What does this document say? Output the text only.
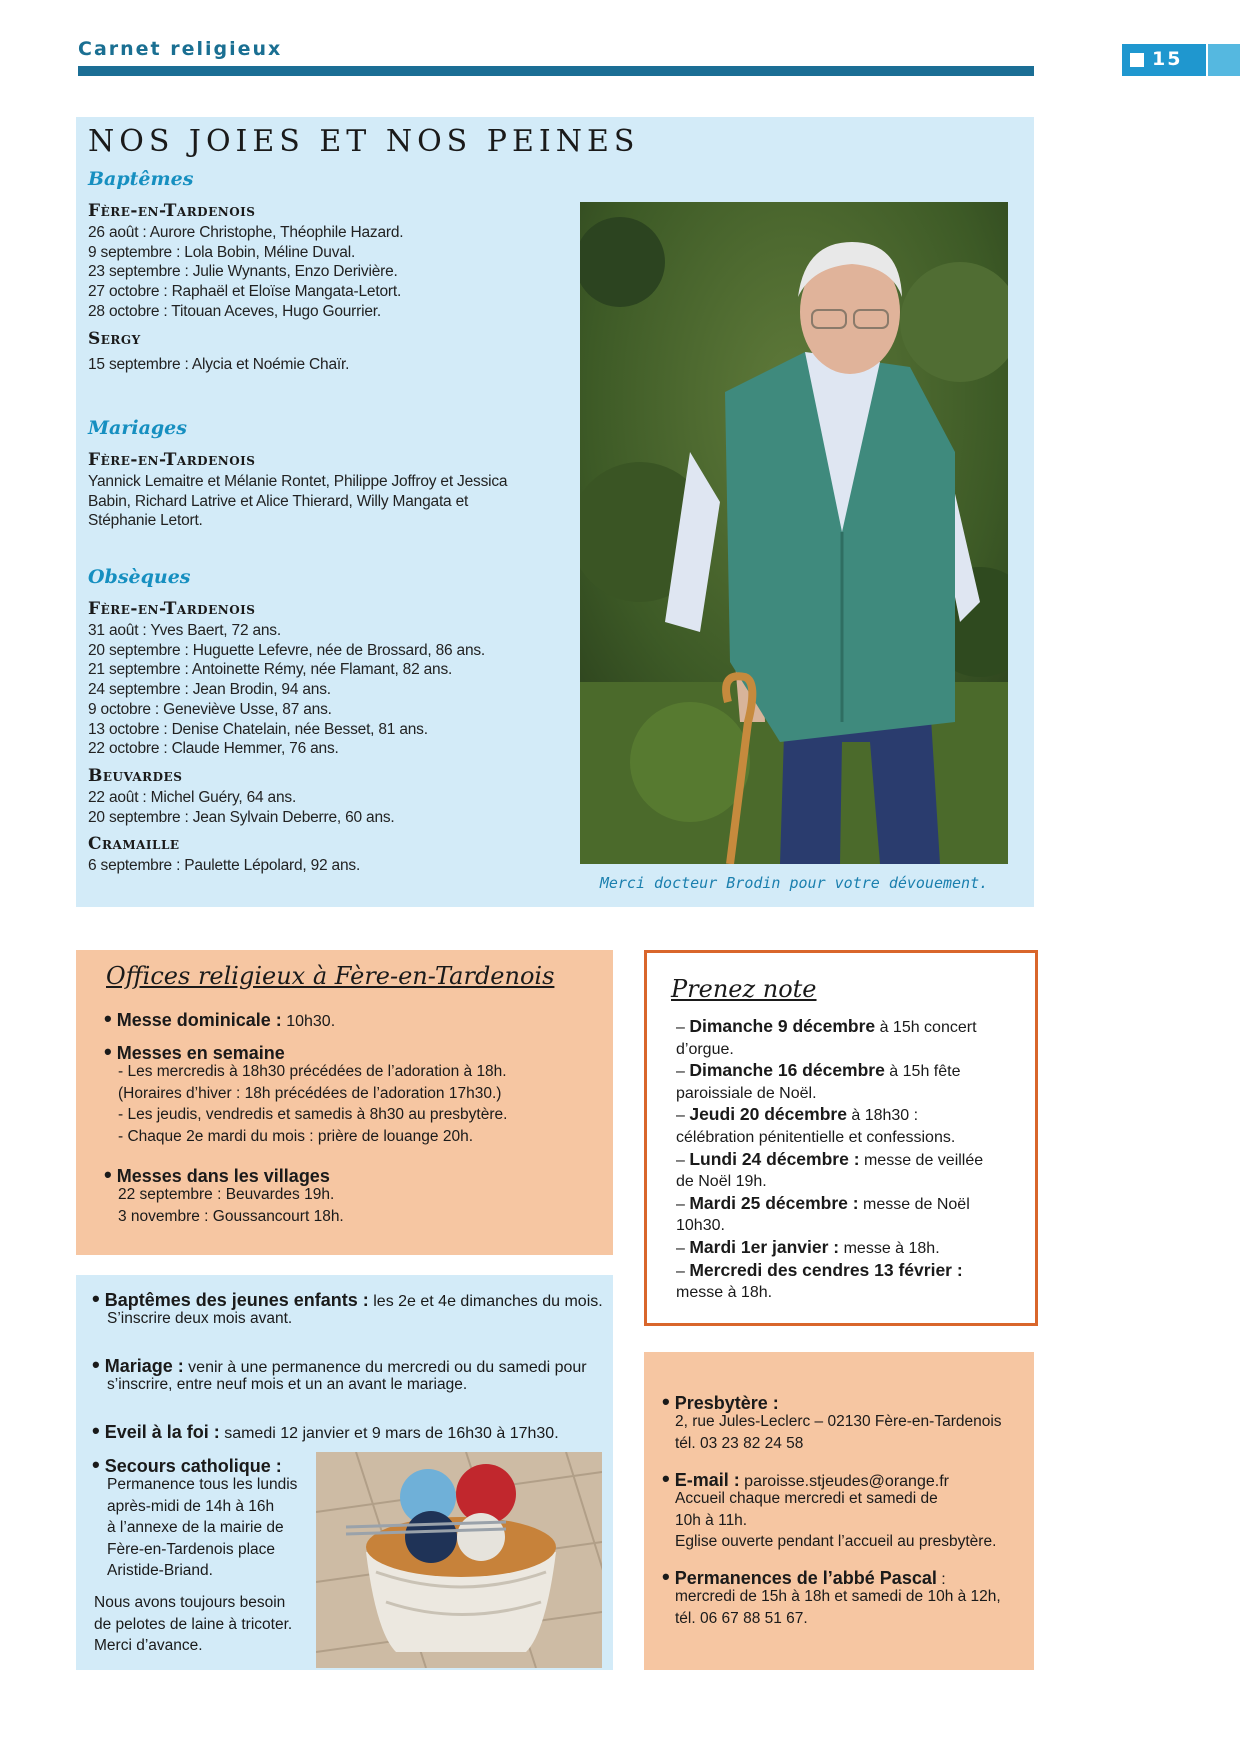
Carnet religieux	15
NOS JOIES ET NOS PEINES
Baptêmes
Fère-en-Tardenois
26 août : Aurore Christophe, Théophile Hazard.
9 septembre : Lola Bobin, Méline Duval.
23 septembre : Julie Wynants, Enzo Derivière.
27 octobre : Raphaël et Eloïse Mangata-Letort.
28 octobre : Titouan Aceves, Hugo Gourrier.
Sergy
15 septembre : Alycia et Noémie Chaïr.
Mariages
Fère-en-Tardenois
Yannick Lemaitre et Mélanie Rontet, Philippe Joffroy et Jessica
Babin, Richard Latrive et Alice Thierard, Willy Mangata et
Stéphanie Letort.
Obsèques
Fère-en-Tardenois
31 août : Yves Baert, 72 ans.
20 septembre : Huguette Lefevre, née de Brossard, 86 ans.
21 septembre : Antoinette Rémy, née Flamant, 82 ans.
24 septembre : Jean Brodin, 94 ans.
9 octobre : Geneviève Usse, 87 ans.
13 octobre : Denise Chatelain, née Besset, 81 ans.
22 octobre : Claude Hemmer, 76 ans.
Beuvardes
22 août : Michel Guéry, 64 ans.
20 septembre : Jean Sylvain Deberre, 60 ans.
Cramaille
6 septembre : Paulette Lépolard, 92 ans.
Merci docteur Brodin pour votre dévouement.
Offices religieux à Fère-en-Tardenois
• Messe dominicale : 10h30.
• Messes en semaine
- Les mercredis à 18h30 précédées de l’adoration à 18h.
(Horaires d’hiver : 18h précédées de l’adoration 17h30.)
- Les jeudis, vendredis et samedis à 8h30 au presbytère.
- Chaque 2e mardi du mois : prière de louange 20h.
• Messes dans les villages
22 septembre : Beuvardes 19h.
3 novembre : Goussancourt 18h.
Prenez note
– Dimanche 9 décembre à 15h concert
d’orgue.
– Dimanche 16 décembre à 15h fête
paroissiale de Noël.
– Jeudi 20 décembre à 18h30 :
célébration pénitentielle et confessions.
– Lundi 24 décembre : messe de veillée
de Noël 19h.
– Mardi 25 décembre : messe de Noël
10h30.
– Mardi 1er janvier : messe à 18h.
– Mercredi des cendres 13 février :
messe à 18h.
• Baptêmes des jeunes enfants : les 2e et 4e dimanches du mois.
S’inscrire deux mois avant.
• Mariage : venir à une permanence du mercredi ou du samedi pour
s’inscrire, entre neuf mois et un an avant le mariage.
• Eveil à la foi : samedi 12 janvier et 9 mars de 16h30 à 17h30.
• Secours catholique :
Permanence tous les lundis
après-midi de 14h à 16h
à l’annexe de la mairie de
Fère-en-Tardenois place
Aristide-Briand.
Nous avons toujours besoin
de pelotes de laine à tricoter.
Merci d’avance.
• Presbytère :
2, rue Jules-Leclerc – 02130 Fère-en-Tardenois
tél. 03 23 82 24 58
• E-mail : paroisse.stjeudes@orange.fr
Accueil chaque mercredi et samedi de
10h à 11h.
Eglise ouverte pendant l’accueil au presbytère.
• Permanences de l’abbé Pascal :
mercredi de 15h à 18h et samedi de 10h à 12h,
tél. 06 67 88 51 67.
